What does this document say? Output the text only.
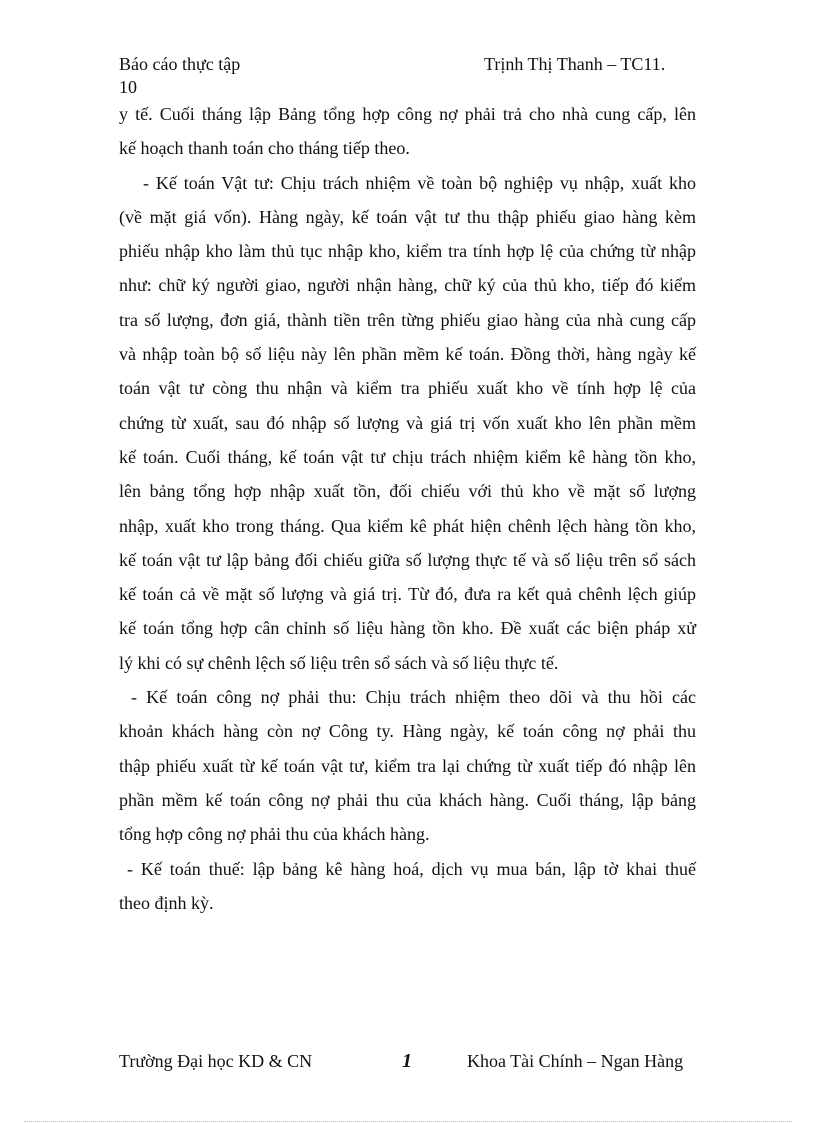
Báo cáo thực tập	Trịnh Thị Thanh – TC11.
10
y tế. Cuối tháng lập Bảng tổng hợp công nợ phải trả cho nhà cung cấp, lên
kế hoạch thanh toán cho tháng tiếp theo.
- Kế toán Vật tư: Chịu trách nhiệm về toàn bộ nghiệp vụ nhập, xuất kho
(về mặt giá vốn). Hàng ngày, kế toán vật tư thu thập phiếu giao hàng kèm
phiếu nhập kho làm thủ tục nhập kho, kiểm tra tính hợp lệ của chứng từ nhập
như: chữ ký người giao, người nhận hàng, chữ ký của thủ kho, tiếp đó kiểm
tra số lượng, đơn giá, thành tiền trên từng phiếu giao hàng của nhà cung cấp
và nhập toàn bộ số liệu này lên phần mềm kế toán. Đồng thời, hàng ngày kế
toán vật tư còng thu nhận và kiểm tra phiếu xuất kho về tính hợp lệ của
chứng từ xuất, sau đó nhập số lượng và giá trị vốn xuất kho lên phần mềm
kế toán. Cuối tháng, kế toán vật tư chịu trách nhiệm kiểm kê hàng tồn kho,
lên bảng tổng hợp nhập xuất tồn, đối chiếu với thủ kho về mặt số lượng
nhập, xuất kho trong tháng. Qua kiểm kê phát hiện chênh lệch hàng tồn kho,
kế toán vật tư lập bảng đối chiếu giữa số lượng thực tế và số liệu trên sổ sách
kế toán cả về mặt số lượng và giá trị. Từ đó, đưa ra kết quả chênh lệch giúp
kế toán tổng hợp cân chỉnh số liệu hàng tồn kho. Đề xuất các biện pháp xử
lý khi có sự chênh lệch số liệu trên sổ sách và số liệu thực tế.
- Kế toán công nợ phải thu: Chịu trách nhiệm theo dõi và thu hồi các
khoản khách hàng còn nợ Công ty. Hàng ngày, kế toán công nợ phải thu
thập phiếu xuất từ kế toán vật tư, kiểm tra lại chứng từ xuất tiếp đó nhập lên
phần mềm kế toán công nợ phải thu của khách hàng. Cuối tháng, lập bảng
tổng hợp công nợ phải thu của khách hàng.
- Kế toán thuế: lập bảng kê hàng hoá, dịch vụ mua bán, lập tờ khai thuế
theo định kỳ.
Trường Đại học KD & CN	1	Khoa Tài Chính – Ngan Hàng
